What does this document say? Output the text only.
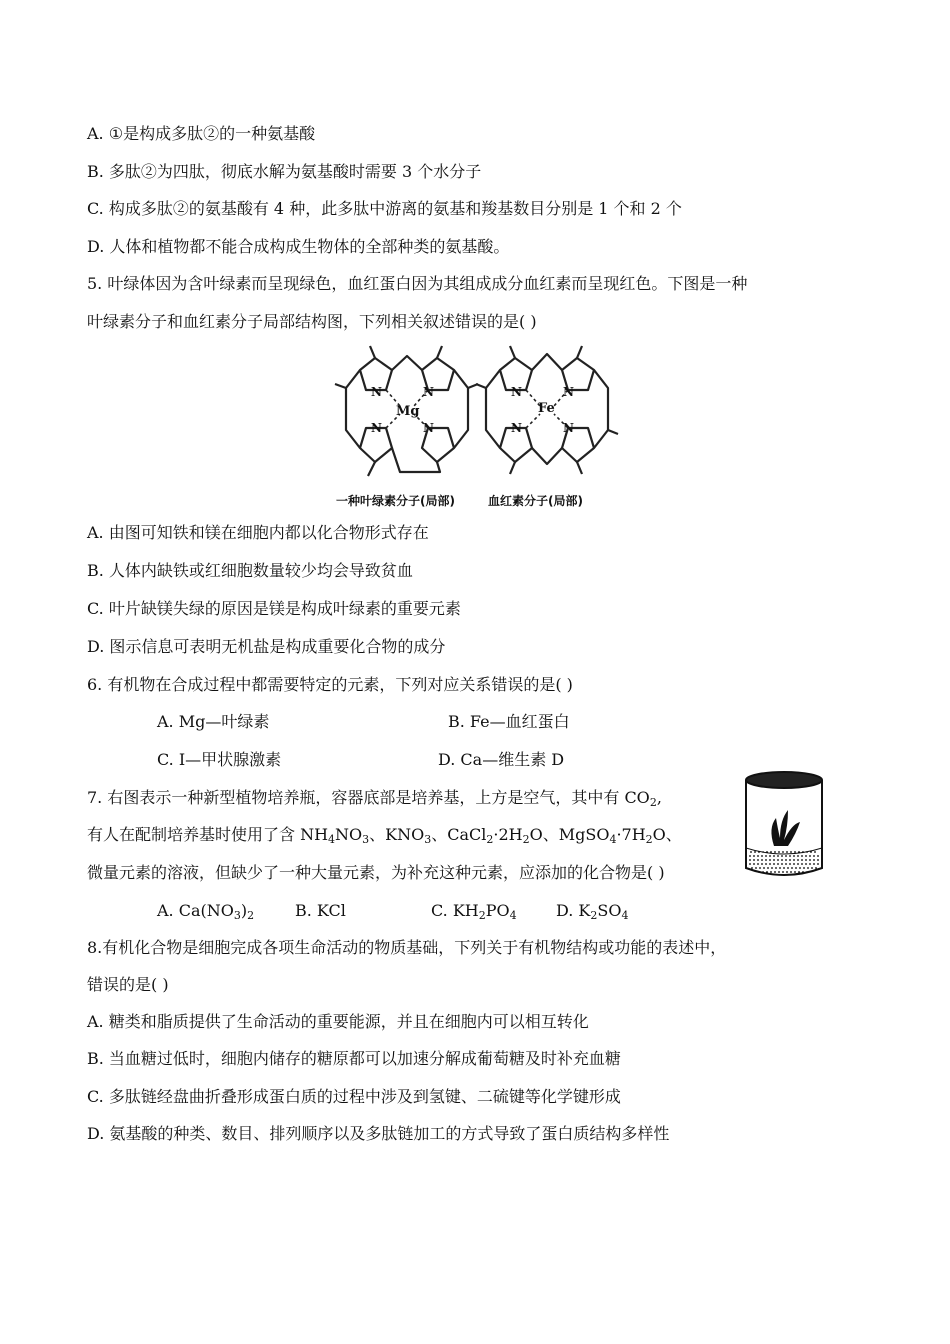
A. ①是构成多肽②的一种氨基酸
B. 多肽②为四肽，彻底水解为氨基酸时需要 3 个水分子
C. 构成多肽②的氨基酸有 4 种，此多肽中游离的氨基和羧基数目分别是 1 个和 2 个
D. 人体和植物都不能合成构成生物体的全部种类的氨基酸。
5. 叶绿体因为含叶绿素而呈现绿色，血红蛋白因为其组成成分血红素而呈现红色。下图是一种
叶绿素分子和血红素分子局部结构图，下列相关叙述错误的是( )
N	N
N	N
Mg
N	N
N	N
Fe
一种叶绿素分子(局部)	血红素分子(局部)
A. 由图可知铁和镁在细胞内都以化合物形式存在
B. 人体内缺铁或红细胞数量较少均会导致贫血
C. 叶片缺镁失绿的原因是镁是构成叶绿素的重要元素
D. 图示信息可表明无机盐是构成重要化合物的成分
6. 有机物在合成过程中都需要特定的元素，下列对应关系错误的是( )
A. Mg—叶绿素	B. Fe—血红蛋白
C. I—甲状腺激素	D. Ca—维生素 D
7. 右图表示一种新型植物培养瓶，容器底部是培养基，上方是空气，其中有 $CO_2$,
有人在配制培养基时使用了含 $NH_4NO_3$、$KNO_3$、$CaCl_2\cdot 2H_2O$、$MgSO_4\cdot 7H_2O$、
微量元素的溶液，但缺少了一种大量元素，为补充这种元素，应添加的化合物是( )
A. $Ca(NO_3)_2$	B. KCl	C. $KH_2PO_4$ D. $K_2SO_4$
8.有机化合物是细胞完成各项生命活动的物质基础，下列关于有机物结构或功能的表述中，
错误的是( )
A. 糖类和脂质提供了生命活动的重要能源，并且在细胞内可以相互转化
B. 当血糖过低时，细胞内储存的糖原都可以加速分解成葡萄糖及时补充血糖
C. 多肽链经盘曲折叠形成蛋白质的过程中涉及到氢键、二硫键等化学键形成
D. 氨基酸的种类、数目、排列顺序以及多肽链加工的方式导致了蛋白质结构多样性
